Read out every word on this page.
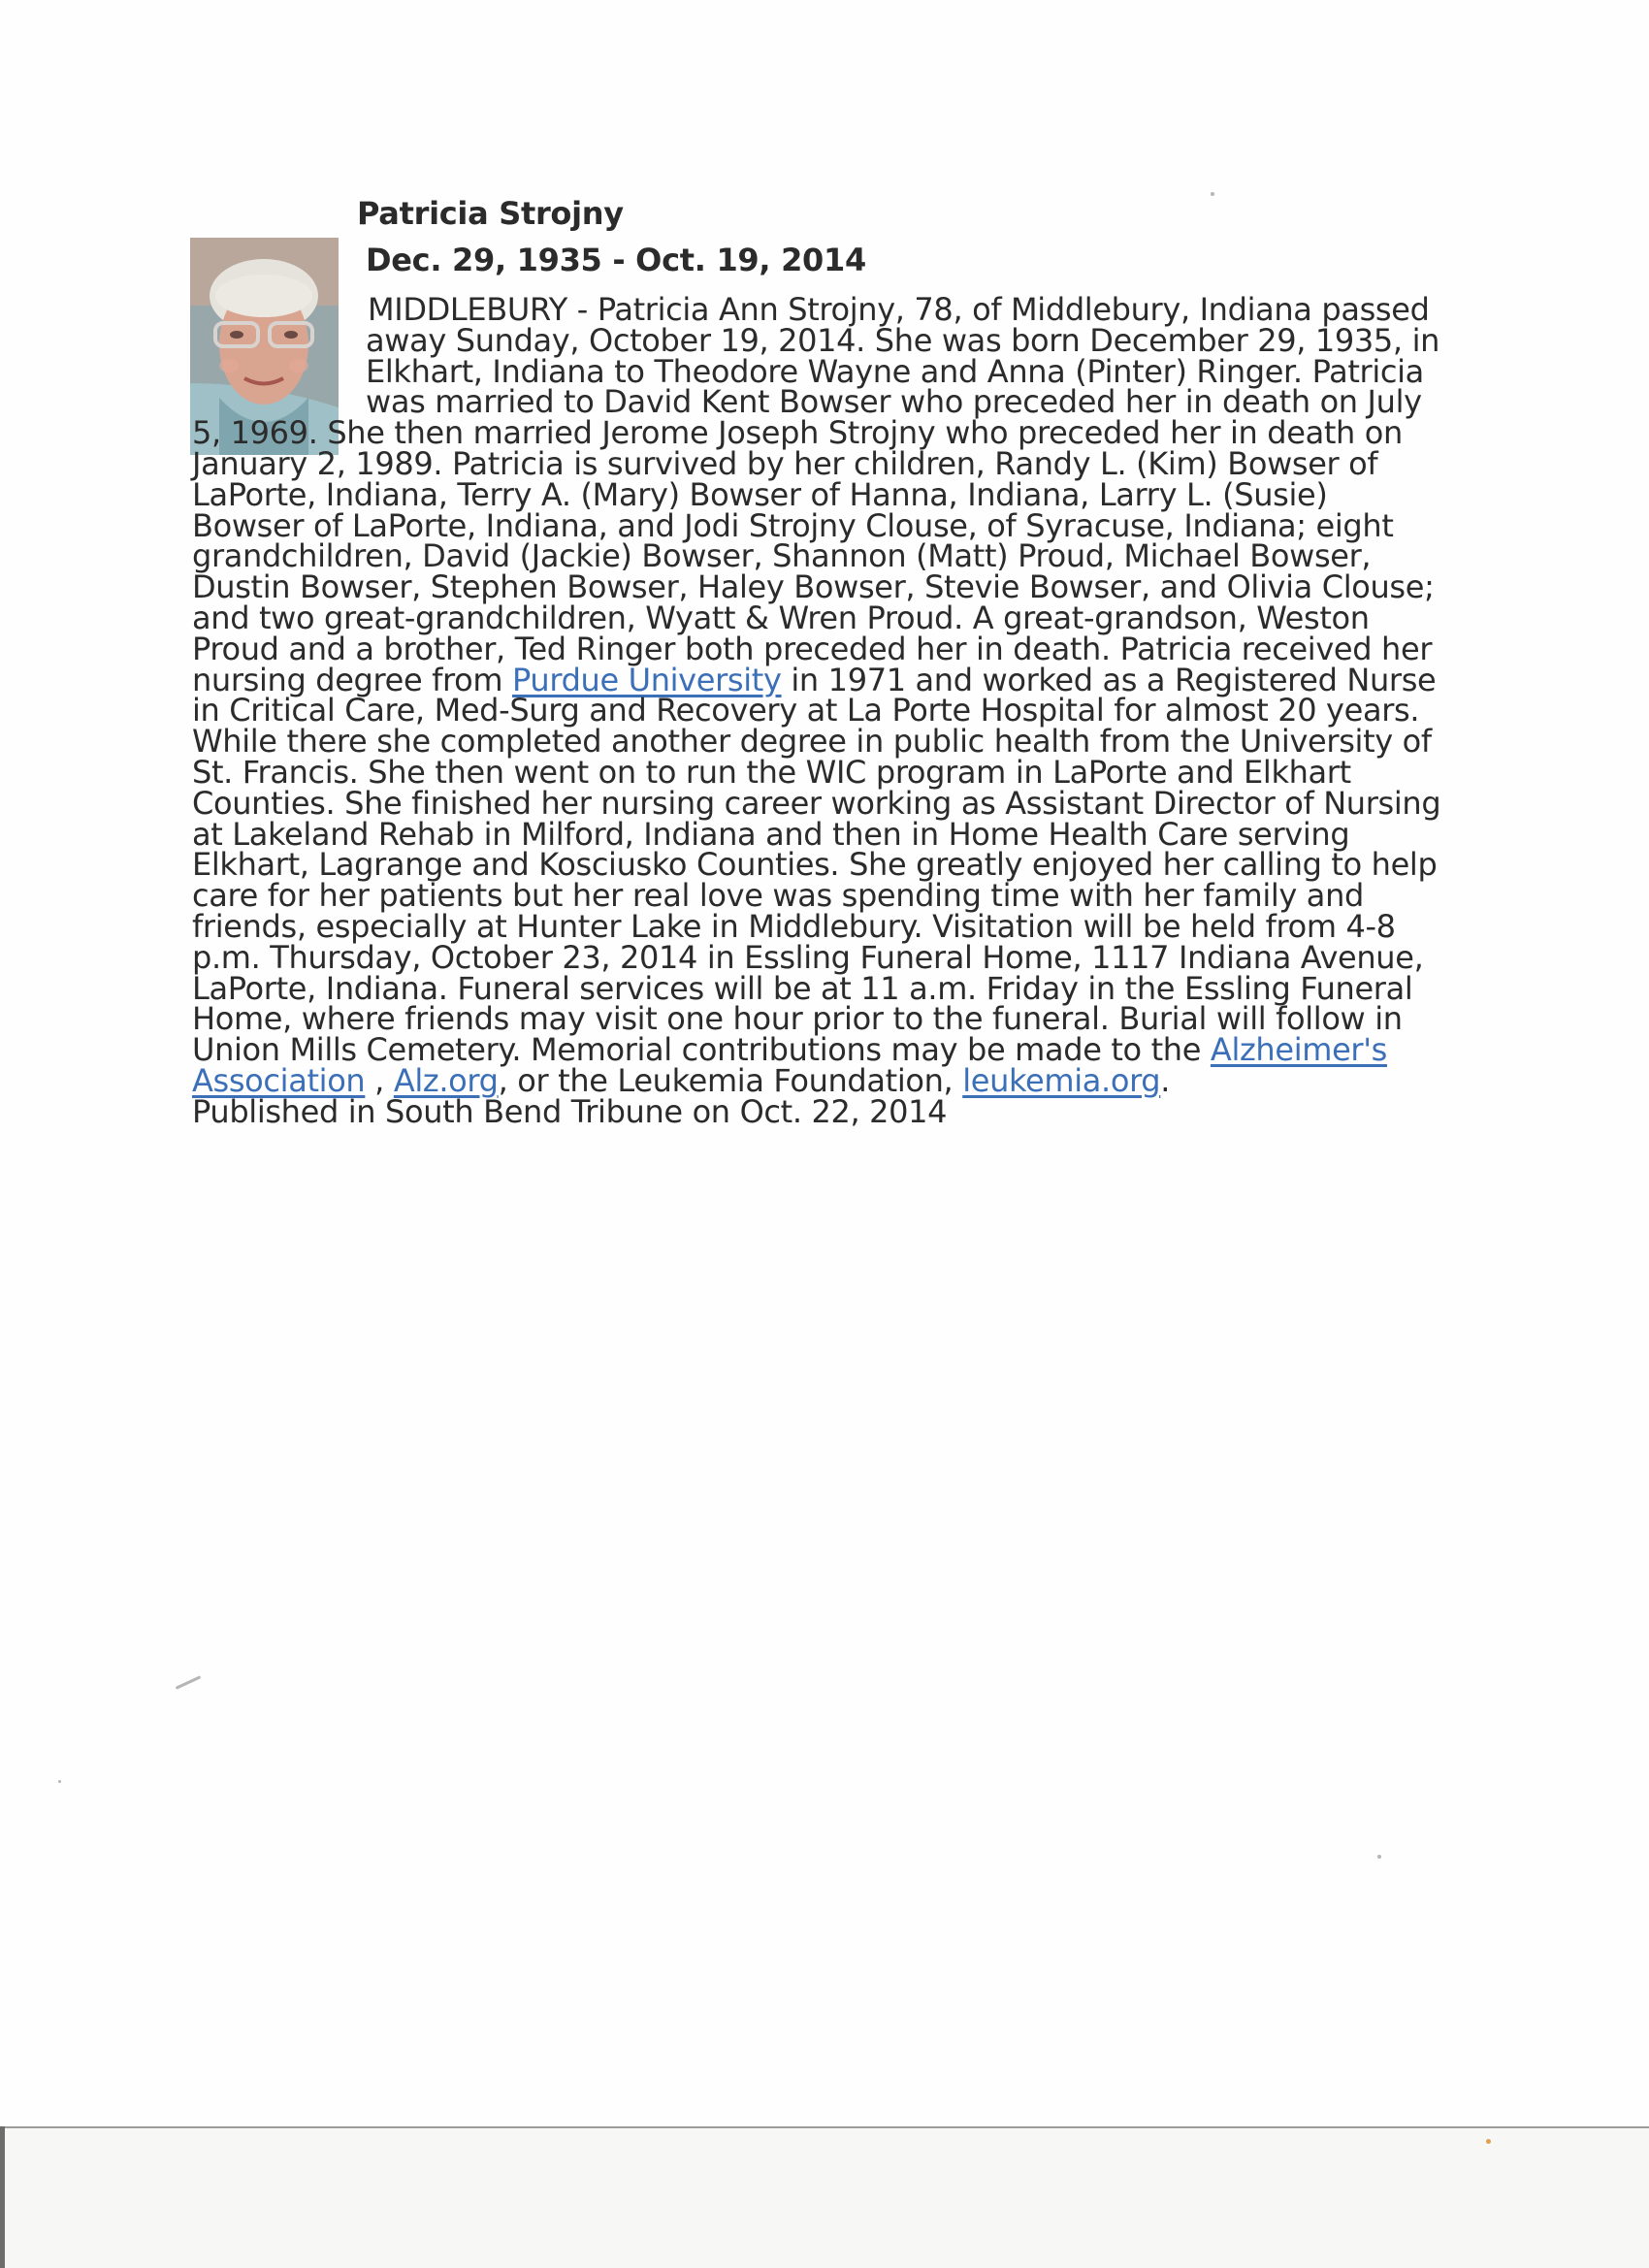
Patricia Strojny
Dec. 29, 1935 - Oct. 19, 2014
MIDDLEBURY - Patricia Ann Strojny, 78, of Middlebury, Indiana passed
away Sunday, October 19, 2014. She was born December 29, 1935, in
Elkhart, Indiana to Theodore Wayne and Anna (Pinter) Ringer. Patricia
was married to David Kent Bowser who preceded her in death on July
5, 1969. She then married Jerome Joseph Strojny who preceded her in death on
January 2, 1989. Patricia is survived by her children, Randy L. (Kim) Bowser of
LaPorte, Indiana, Terry A. (Mary) Bowser of Hanna, Indiana, Larry L. (Susie)
Bowser of LaPorte, Indiana, and Jodi Strojny Clouse, of Syracuse, Indiana; eight
grandchildren, David (Jackie) Bowser, Shannon (Matt) Proud, Michael Bowser,
Dustin Bowser, Stephen Bowser, Haley Bowser, Stevie Bowser, and Olivia Clouse;
and two great-grandchildren, Wyatt & Wren Proud. A great-grandson, Weston
Proud and a brother, Ted Ringer both preceded her in death. Patricia received her
nursing degree from Purdue University in 1971 and worked as a Registered Nurse
in Critical Care, Med-Surg and Recovery at La Porte Hospital for almost 20 years.
While there she completed another degree in public health from the University of
St. Francis. She then went on to run the WIC program in LaPorte and Elkhart
Counties. She finished her nursing career working as Assistant Director of Nursing
at Lakeland Rehab in Milford, Indiana and then in Home Health Care serving
Elkhart, Lagrange and Kosciusko Counties. She greatly enjoyed her calling to help
care for her patients but her real love was spending time with her family and
friends, especially at Hunter Lake in Middlebury. Visitation will be held from 4-8
p.m. Thursday, October 23, 2014 in Essling Funeral Home, 1117 Indiana Avenue,
LaPorte, Indiana. Funeral services will be at 11 a.m. Friday in the Essling Funeral
Home, where friends may visit one hour prior to the funeral. Burial will follow in
Union Mills Cemetery. Memorial contributions may be made to the Alzheimer's
Association , Alz.org, or the Leukemia Foundation, leukemia.org.
Published in South Bend Tribune on Oct. 22, 2014
